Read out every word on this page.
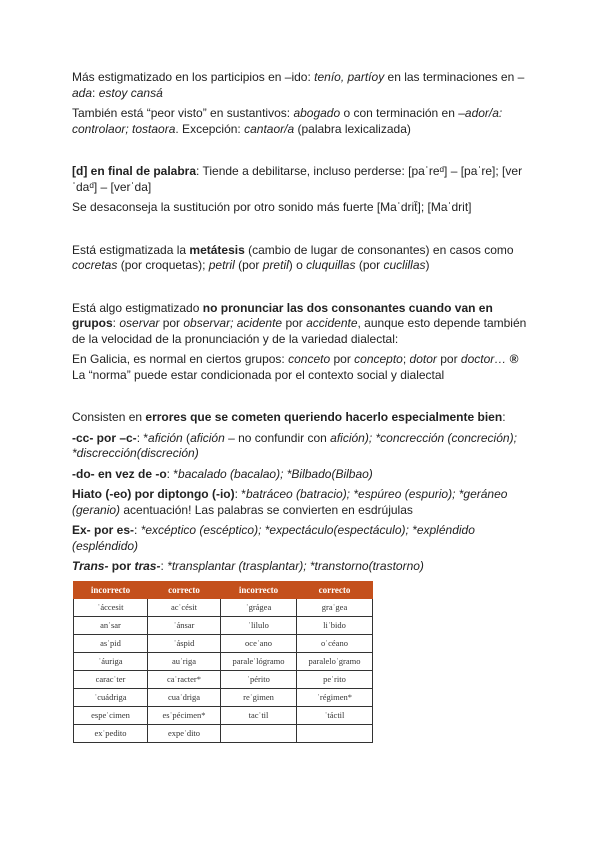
Más estigmatizado en los participios en –ido: tenío, partíoy en las terminaciones en –ada: estoy cansá

También está “peor visto” en sustantivos: abogado o con terminación en –ador/a: controlaor; tostaora. Excepción: cantaor/a (palabra lexicalizada)

[d] en final de palabra: Tiende a debilitarse, incluso perderse: [paˈreᵈ] – [paˈre]; [verˈdaᵈ] – [verˈda]

Se desaconseja la sustitución por otro sonido más fuerte [Maˈdrit̆]; [Maˈdrit]

Está estigmatizada la metátesis (cambio de lugar de consonantes) en casos como cocretas (por croquetas); petril (por pretil) o cluquillas (por cuclillas)

Está algo estigmatizado no pronunciar las dos consonantes cuando van en grupos: oservar por observar; acidente por accidente, aunque esto depende también de la velocidad de la pronunciación y de la variedad dialectal:

En Galicia, es normal en ciertos grupos: conceto por concepto; dotor por doctor… ®
La “norma” puede estar condicionada por el contexto social y dialectal

Consisten en errores que se cometen queriendo hacerlo especialmente bien:

-cc- por –c-: *afición (afición – no confundir con afición); *concrección (concreción); *discrección(discreción)

-do- en vez de -o: *bacalado (bacalao); *Bilbado(Bilbao)

Hiato (-eo) por diptongo (-io): *batráceo (batracio); *espúreo (espurio); *geráneo (geranio) acentuación! Las palabras se convierten en esdrújulas

Ex- por es-: *excéptico (escéptico); *expectáculo(espectáculo); *expléndido (espléndido)

Trans- por tras-: *transplantar (trasplantar); *transtorno(trastorno)

incorrecto	correcto	incorrecto	correcto
ˈáccesit	acˈcésit	ˈgrágea	graˈgea
anˈsar	ˈánsar	ˈlilulo	liˈbido
asˈpid	ˈáspid	oceˈano	oˈcéano
ˈáuriga	auˈriga	paraleˈlógramo	paraleloˈgramo
caracˈter	caˈracter*	ˈpérito	peˈrito
ˈcuádriga	cuaˈdriga	reˈgimen	ˈrégimen*
espeˈcimen	esˈpécimen*	tacˈtil	ˈtáctil
exˈpedito	expeˈdito		
